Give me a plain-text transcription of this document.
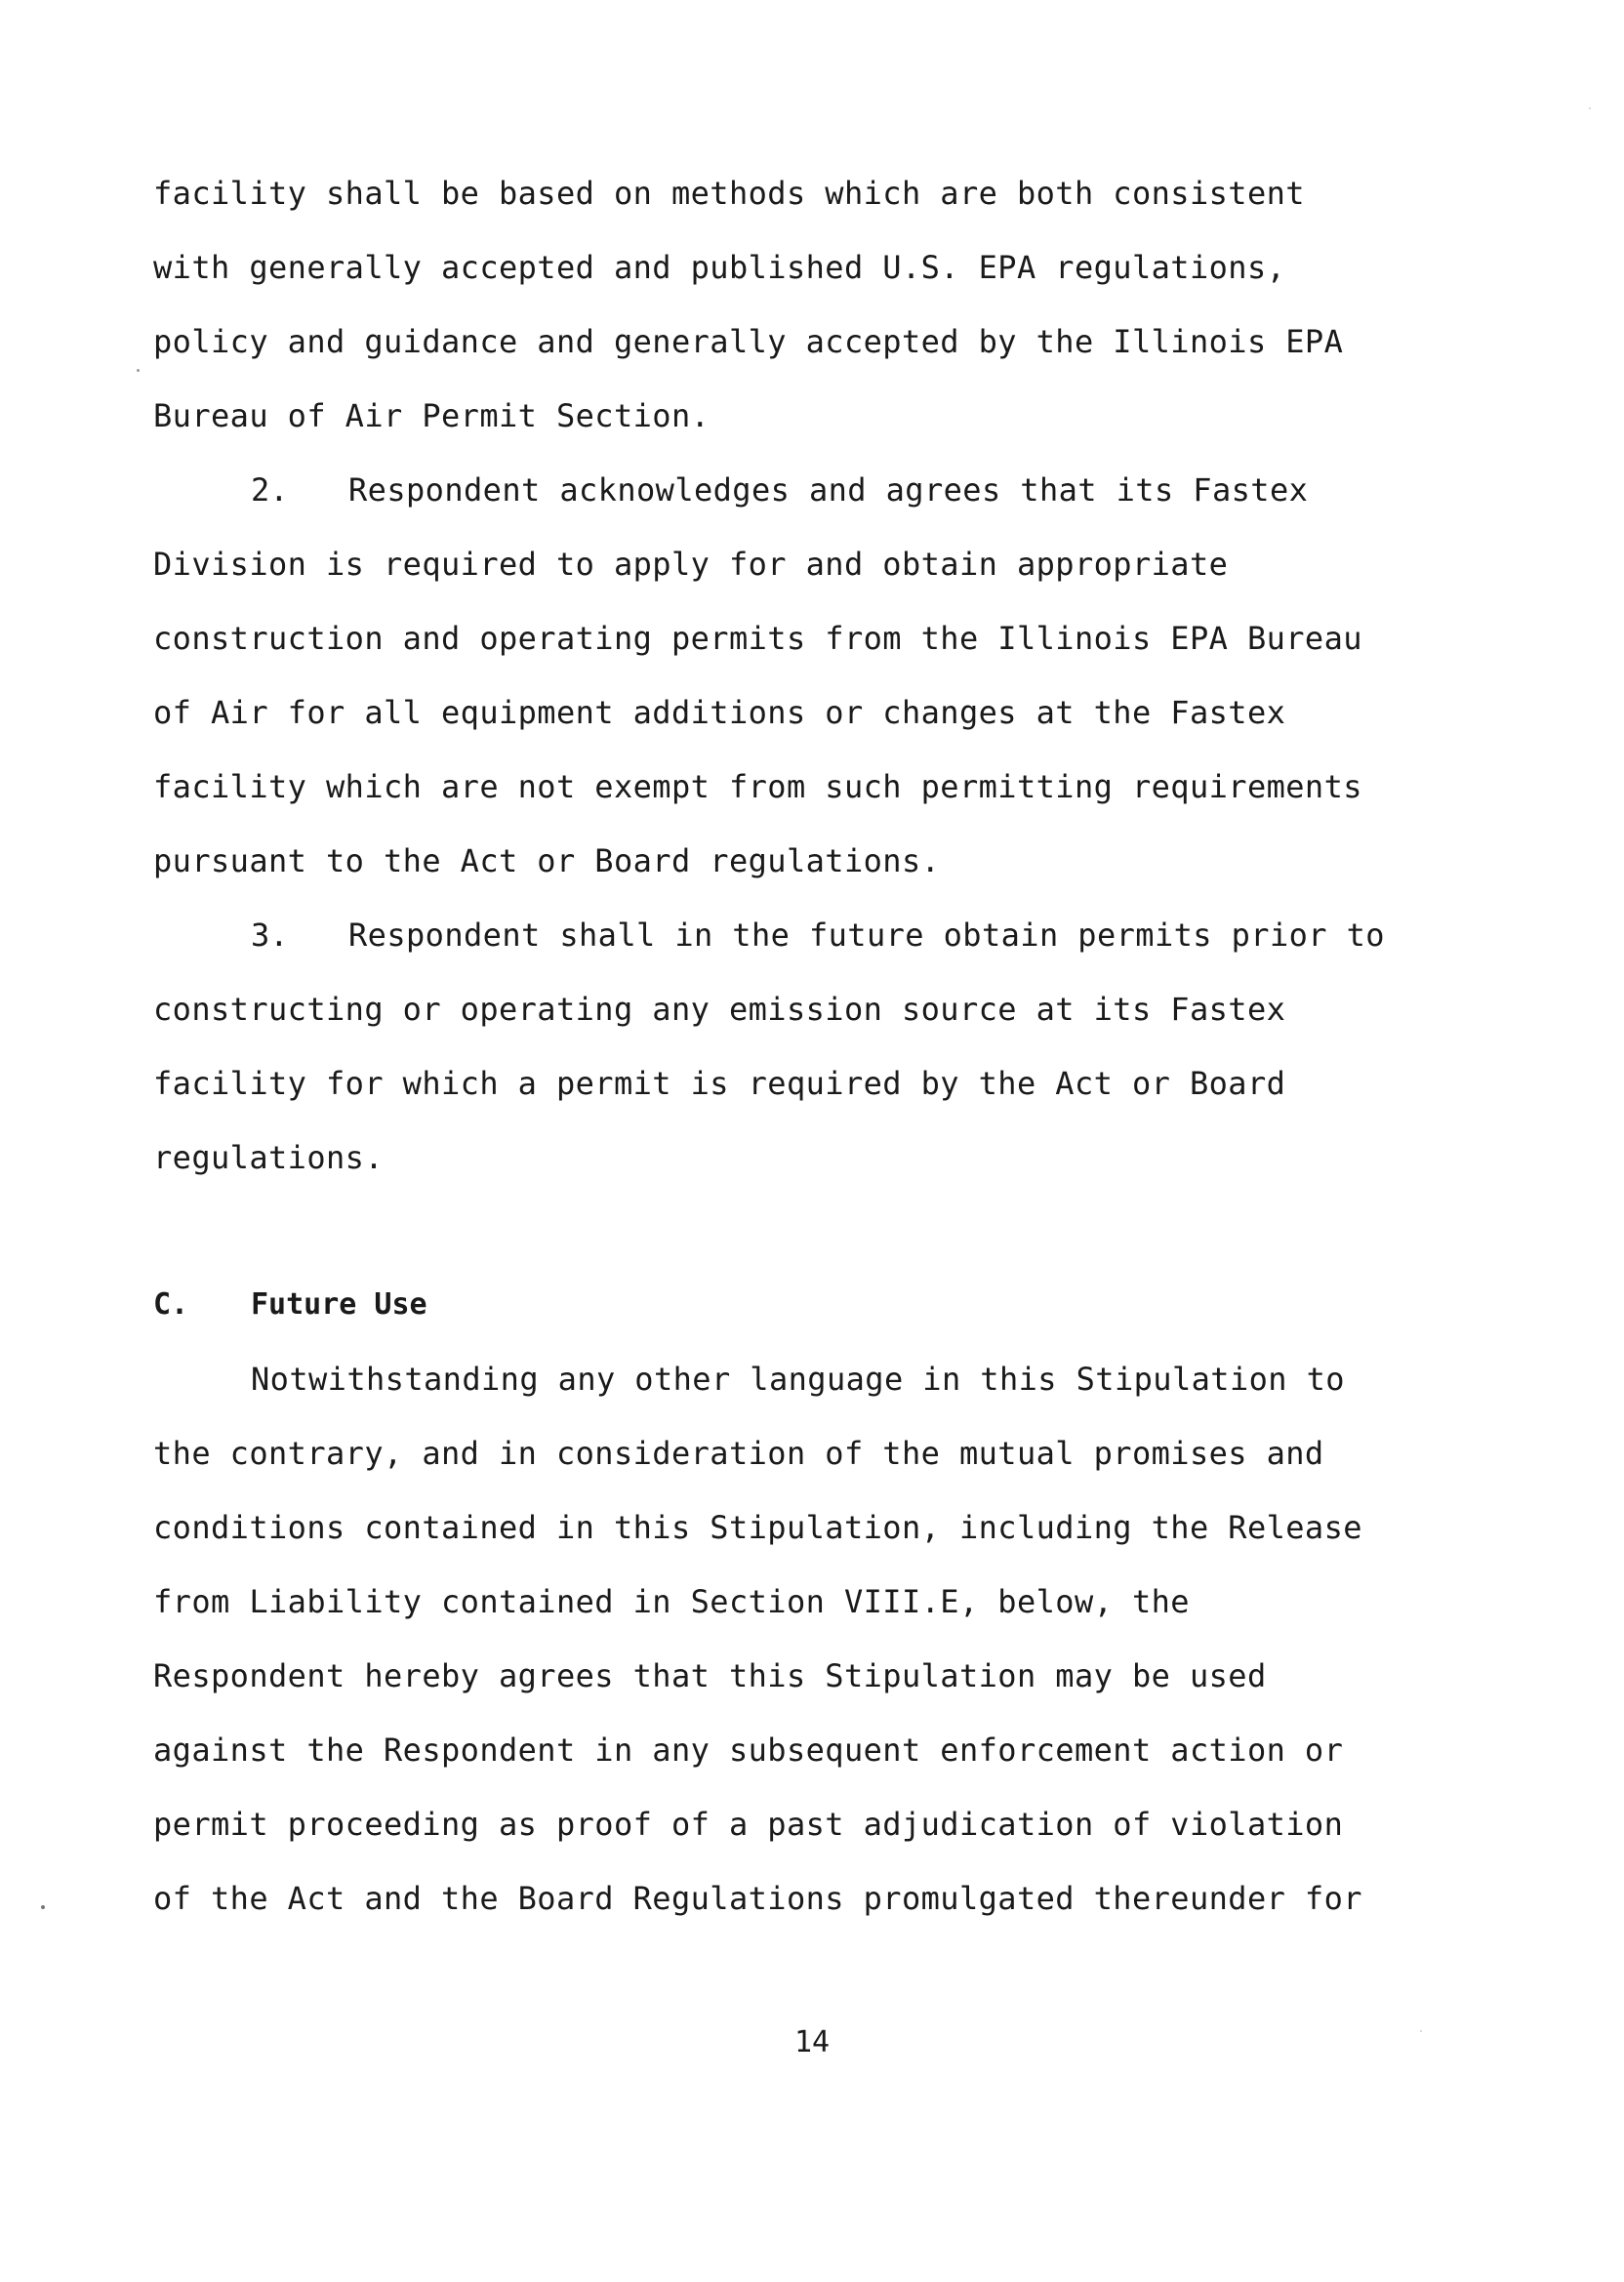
facility shall be based on methods which are both consistent
with generally accepted and published U.S. EPA regulations,
policy and guidance and generally accepted by the Illinois EPA
Bureau of Air Permit Section.
2. Respondent acknowledges and agrees that its Fastex
Division is required to apply for and obtain appropriate
construction and operating permits from the Illinois EPA Bureau
of Air for all equipment additions or changes at the Fastex
facility which are not exempt from such permitting requirements
pursuant to the Act or Board regulations.
3. Respondent shall in the future obtain permits prior to
constructing or operating any emission source at its Fastex
facility for which a permit is required by the Act or Board
regulations.
C. Future Use
Notwithstanding any other language in this Stipulation to
the contrary, and in consideration of the mutual promises and
conditions contained in this Stipulation, including the Release
from Liability contained in Section VIII.E, below, the
Respondent hereby agrees that this Stipulation may be used
against the Respondent in any subsequent enforcement action or
permit proceeding as proof of a past adjudication of violation
of the Act and the Board Regulations promulgated thereunder for
14
